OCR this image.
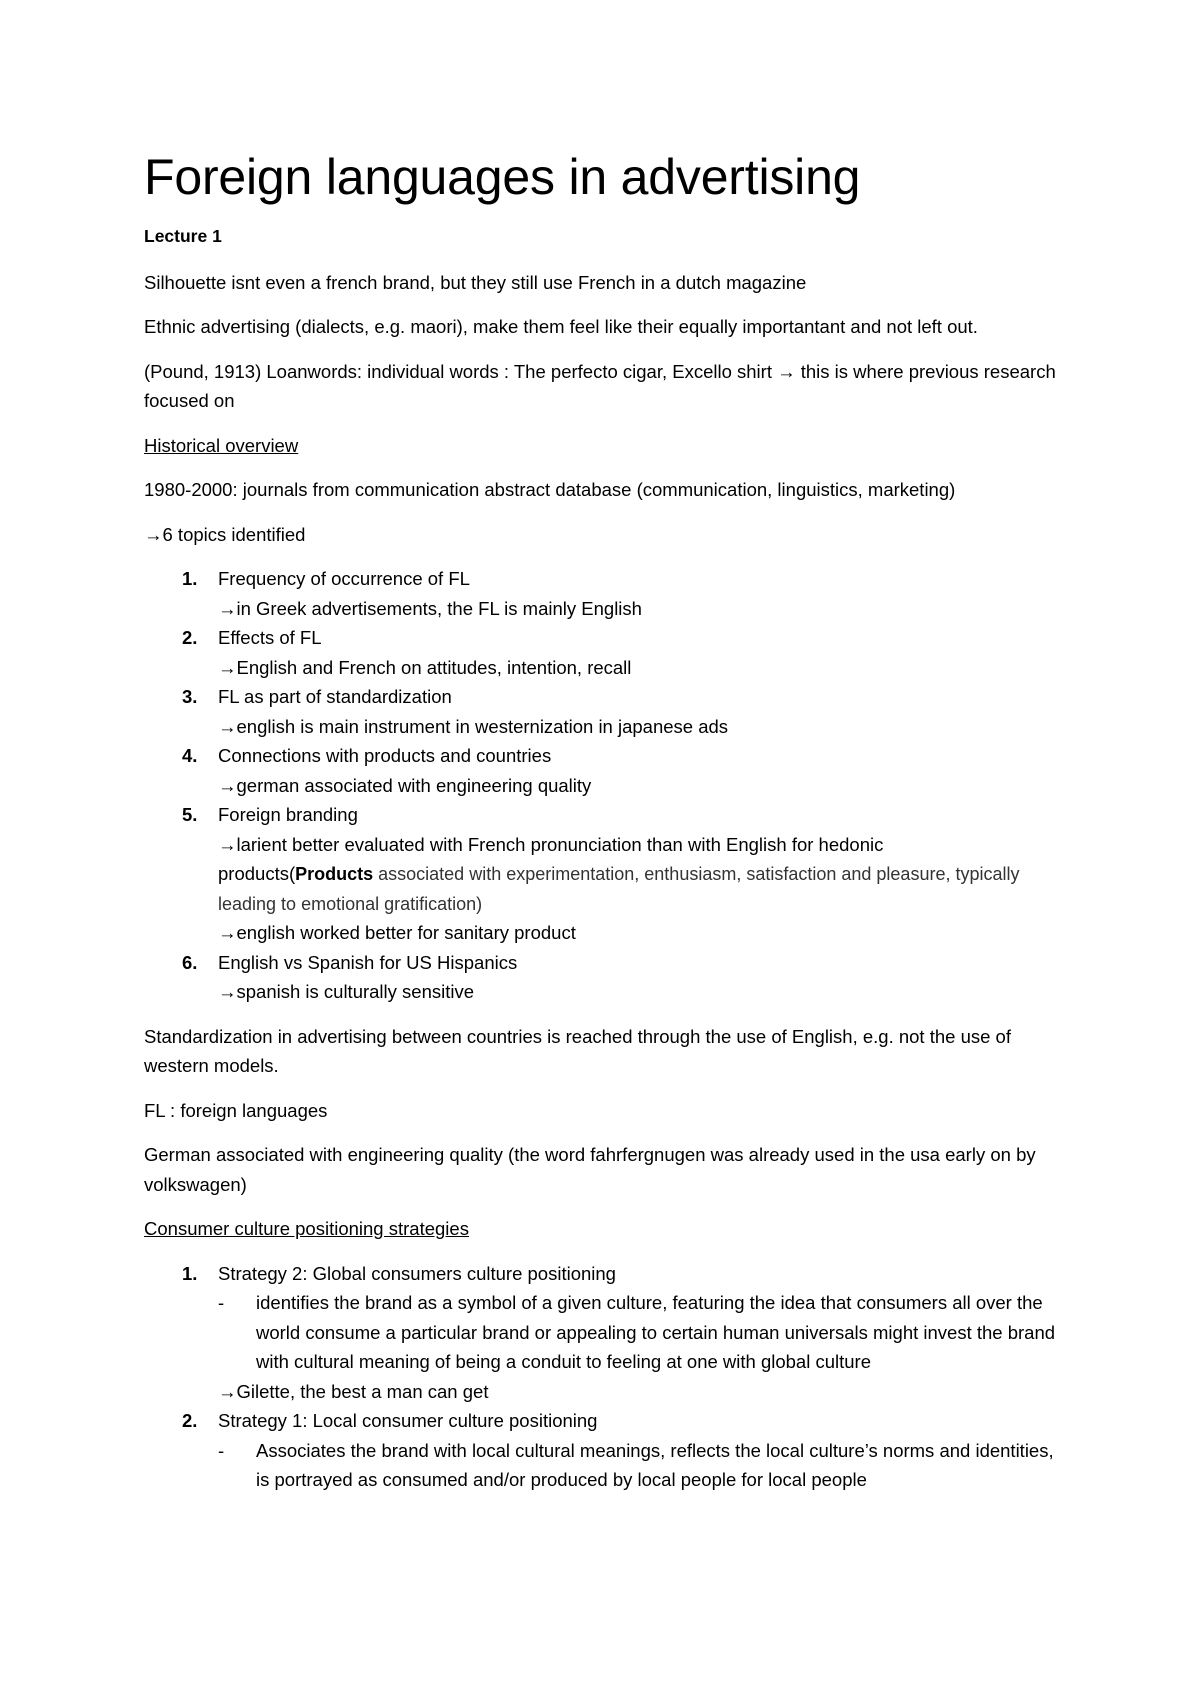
Foreign languages in advertising

Lecture 1

Silhouette isnt even a french brand, but they still use French in a dutch magazine

Ethnic advertising (dialects, e.g. maori), make them feel like their equally importantant and not left out.

(Pound, 1913) Loanwords: individual words : The perfecto cigar, Excello shirt → this is where previous research focused on

Historical overview

1980-2000: journals from communication abstract database (communication, linguistics, marketing)

→6 topics identified

1. Frequency of occurrence of FL
→in Greek advertisements, the FL is mainly English
2. Effects of FL
→English and French on attitudes, intention, recall
3. FL as part of standardization
→english is main instrument in westernization in japanese ads
4. Connections with products and countries
→german associated with engineering quality
5. Foreign branding
→larient better evaluated with French pronunciation than with English for hedonic
products(Products associated with experimentation, enthusiasm, satisfaction and pleasure, typically leading to emotional gratification)
→english worked better for sanitary product
6. English vs Spanish for US Hispanics
→spanish is culturally sensitive

Standardization in advertising between countries is reached through the use of English, e.g. not the use of western models.

FL : foreign languages

German associated with engineering quality (the word fahrfergnugen was already used in the usa early on by volkswagen)

Consumer culture positioning strategies

1. Strategy 2: Global consumers culture positioning
- identifies the brand as a symbol of a given culture, featuring the idea that consumers all over the world consume a particular brand or appealing to certain human universals might invest the brand with cultural meaning of being a conduit to feeling at one with global culture
→Gilette, the best a man can get
2. Strategy 1: Local consumer culture positioning
- Associates the brand with local cultural meanings, reflects the local culture’s norms and identities, is portrayed as consumed and/or produced by local people for local people
